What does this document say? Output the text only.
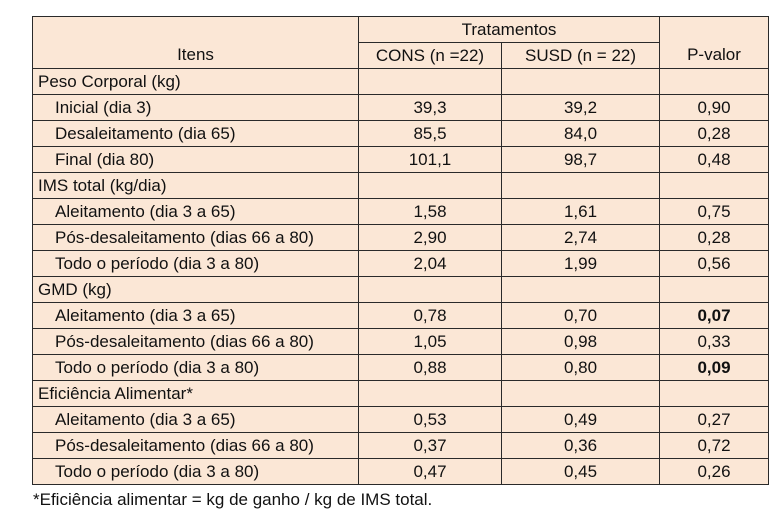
Itens	Tratamentos		P-valor
	CONS (n =22)	SUSD (n = 22)	
Peso Corporal (kg)			
Inicial (dia 3)	39,3	39,2	0,90
Desaleitamento (dia 65)	85,5	84,0	0,28
Final (dia 80)	101,1	98,7	0,48
IMS total (kg/dia)			
Aleitamento (dia 3 a 65)	1,58	1,61	0,75
Pós-desaleitamento (dias 66 a 80)	2,90	2,74	0,28
Todo o período (dia 3 a 80)	2,04	1,99	0,56
GMD (kg)			
Aleitamento (dia 3 a 65)	0,78	0,70	0,07
Pós-desaleitamento (dias 66 a 80)	1,05	0,98	0,33
Todo o período (dia 3 a 80)	0,88	0,80	0,09
Eficiência Alimentar*			
Aleitamento (dia 3 a 65)	0,53	0,49	0,27
Pós-desaleitamento (dias 66 a 80)	0,37	0,36	0,72
Todo o período (dia 3 a 80)	0,47	0,45	0,26
*Eficiência alimentar = kg de ganho / kg de IMS total.
